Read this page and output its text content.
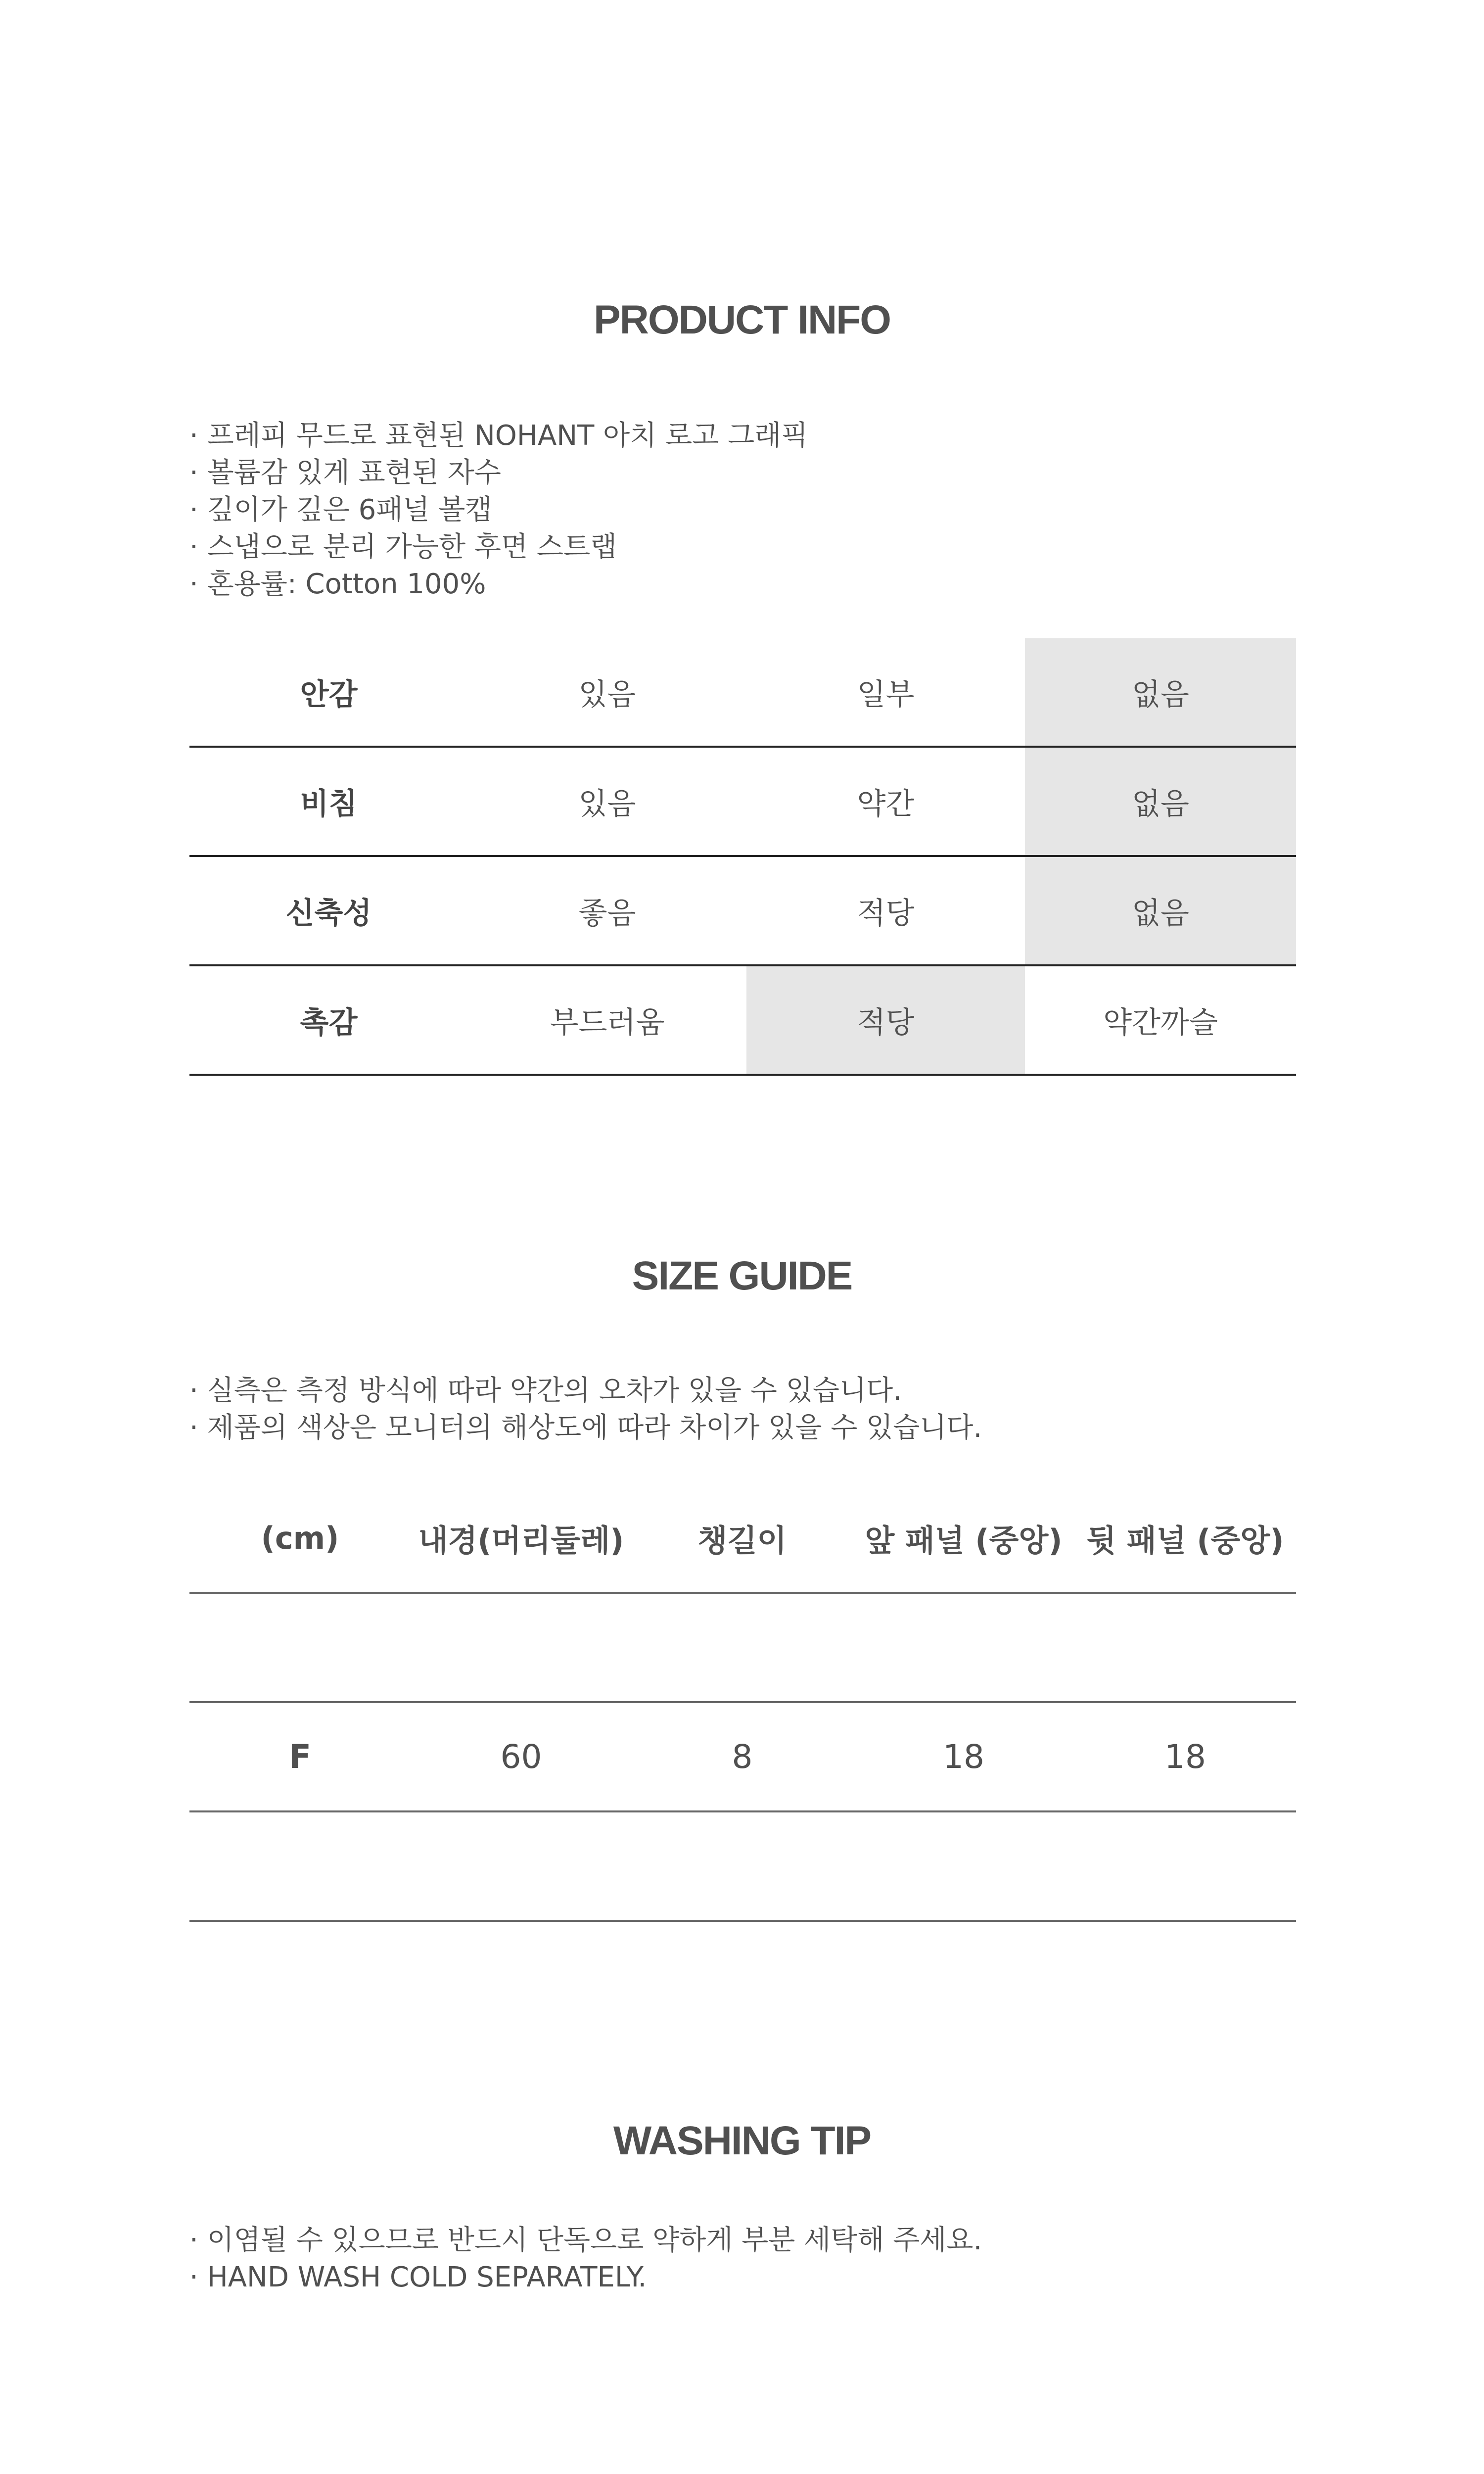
PRODUCT INFO
· 프레피 무드로 표현된 NOHANT 아치 로고 그래픽
· 볼륨감 있게 표현된 자수
· 깊이가 깊은 6패널 볼캡
· 스냅으로 분리 가능한 후면 스트랩
· 혼용률: Cotton 100%
안감	있음	일부	없음
비침	있음	약간	없음
신축성	좋음	적당	없음
촉감	부드러움	적당	약간까슬
SIZE GUIDE
· 실측은 측정 방식에 따라 약간의 오차가 있을 수 있습니다.
· 제품의 색상은 모니터의 해상도에 따라 차이가 있을 수 있습니다.
(cm)	내경(머리둘레)	챙길이	앞 패널 (중앙)	뒷 패널 (중앙)

F	60	8	18	18

WASHING TIP
· 이염될 수 있으므로 반드시 단독으로 약하게 부분 세탁해 주세요.
· HAND WASH COLD SEPARATELY.
